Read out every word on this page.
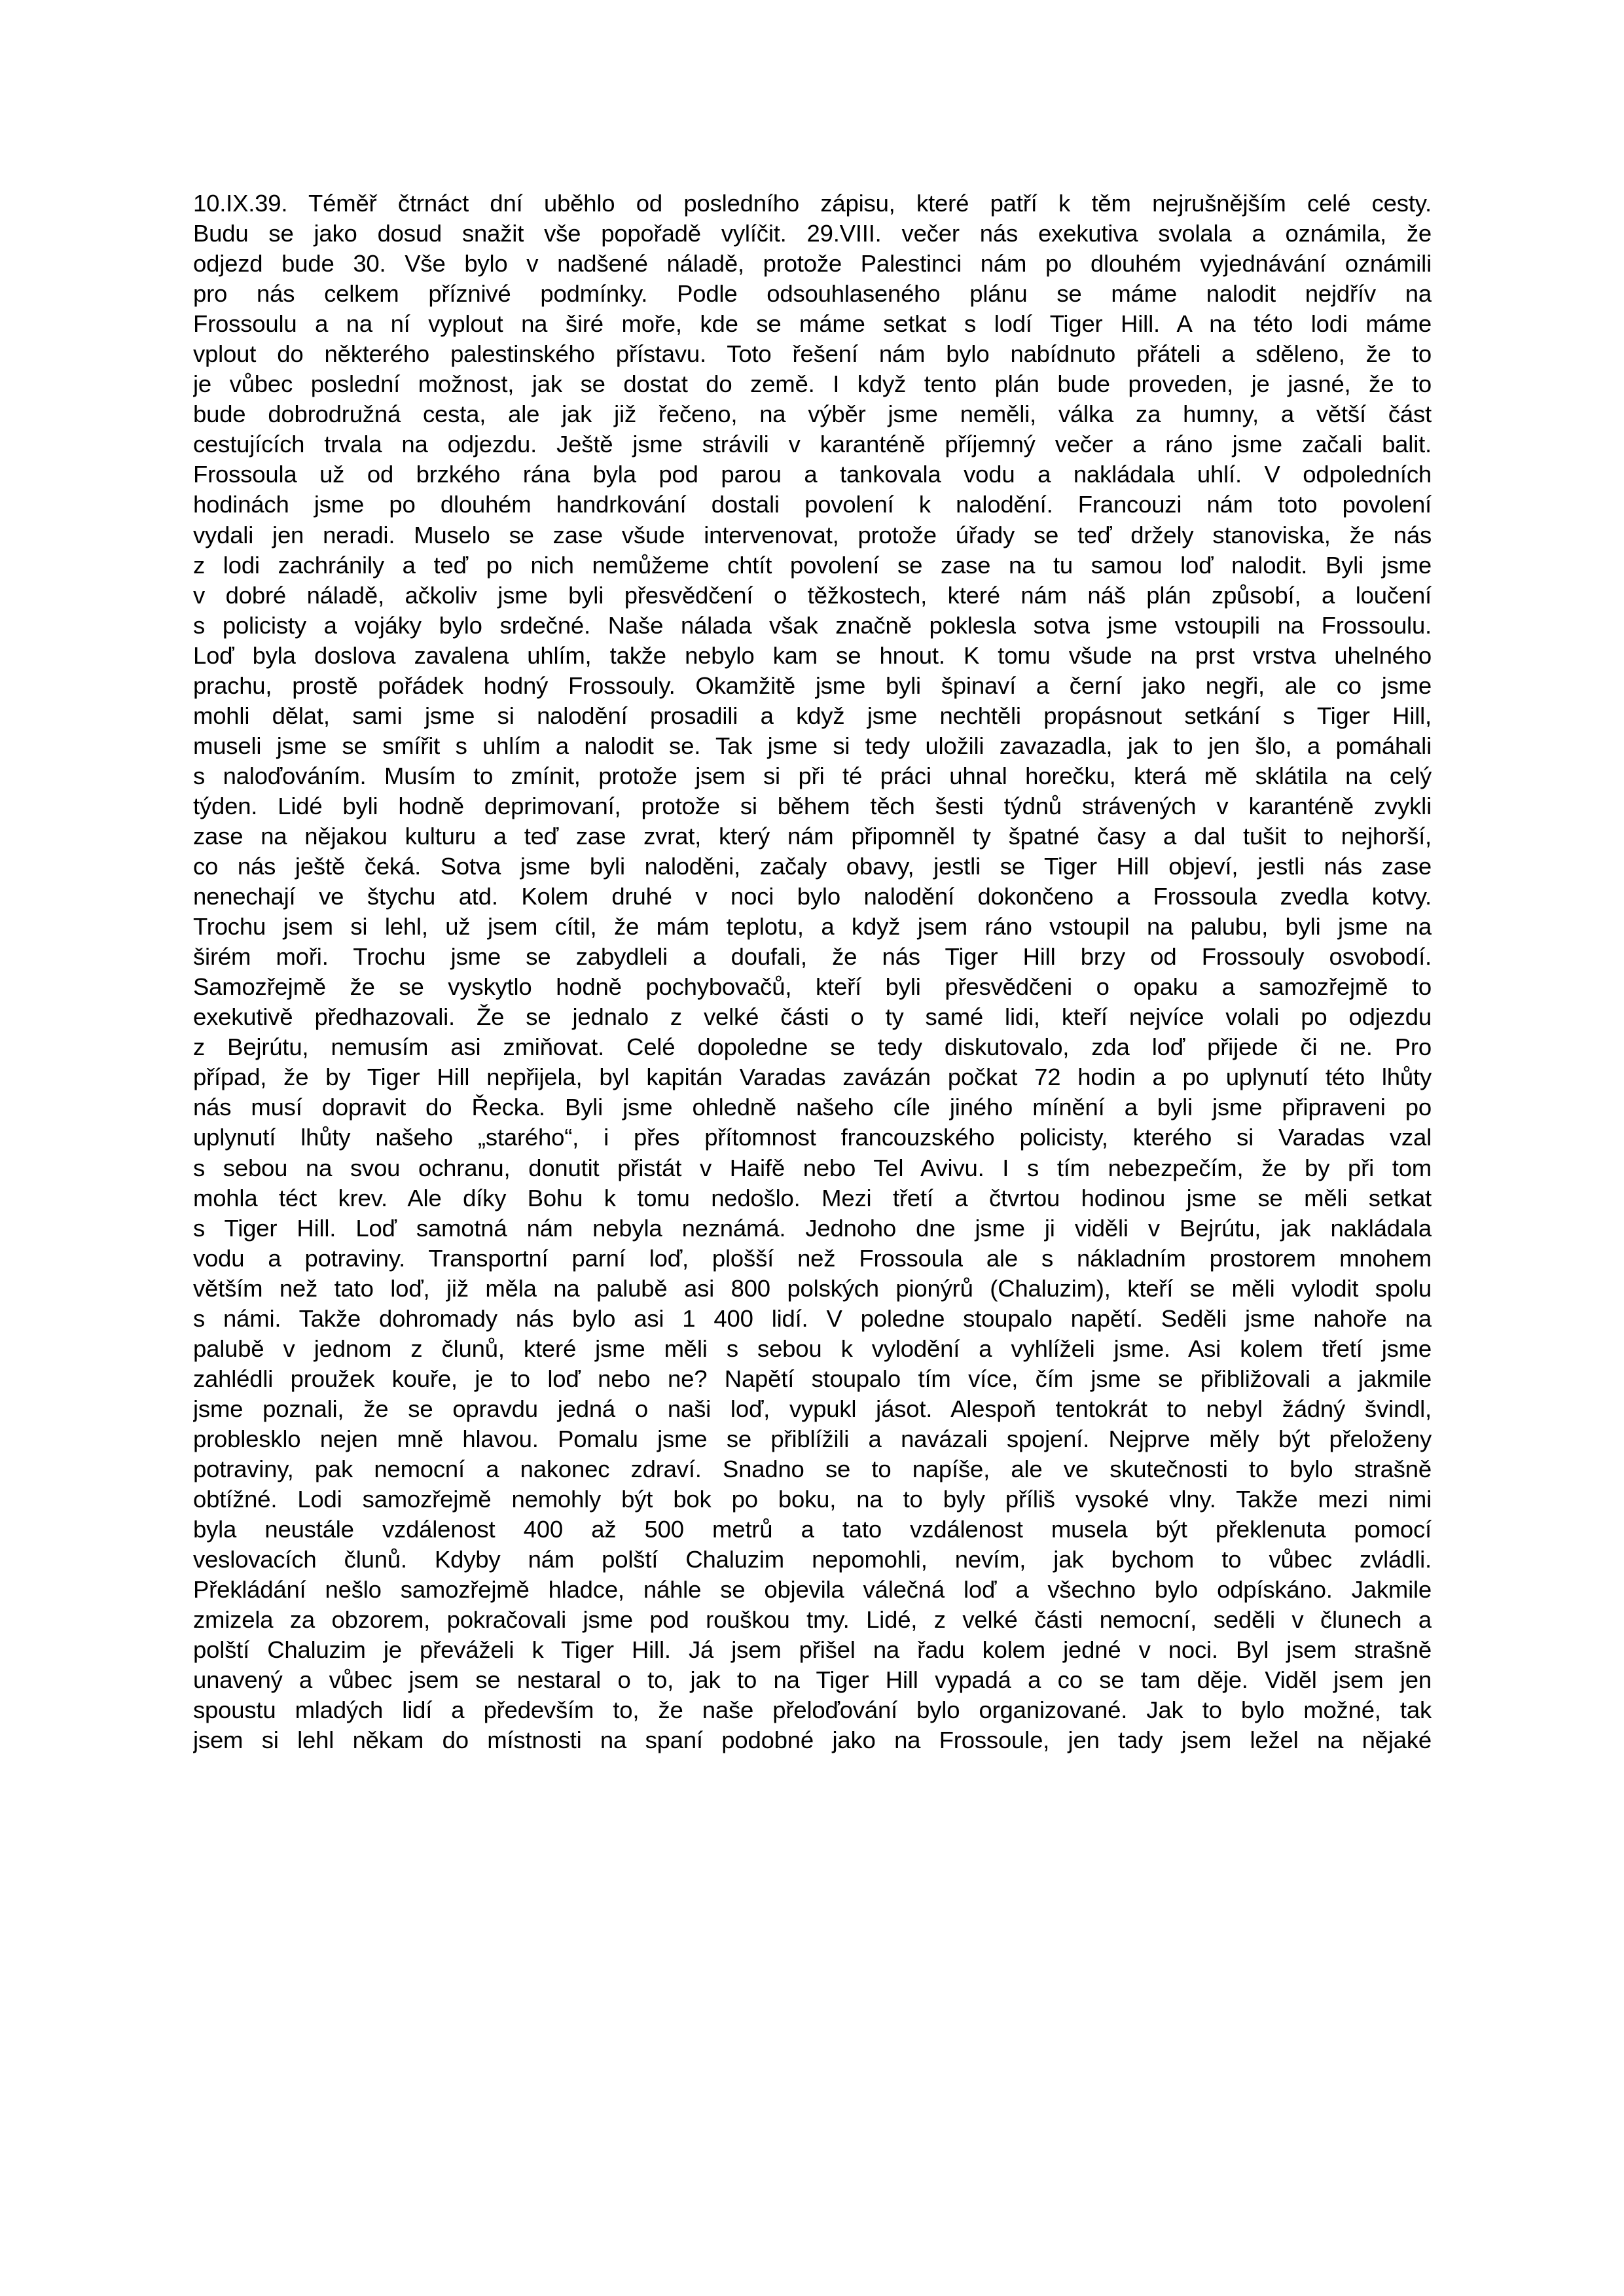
10.IX.39. Téměř čtrnáct dní uběhlo od posledního zápisu, které patří k těm nejrušnějším celé cesty.
Budu se jako dosud snažit vše popořadě vylíčit. 29.VIII. večer nás exekutiva svolala a oznámila, že
odjezd bude 30. Vše bylo v nadšené náladě, protože Palestinci nám po dlouhém vyjednávání oznámili
pro nás celkem příznivé podmínky. Podle odsouhlaseného plánu se máme nalodit nejdřív na
Frossoulu a na ní vyplout na širé moře, kde se máme setkat s lodí Tiger Hill. A na této lodi máme
vplout do některého palestinského přístavu. Toto řešení nám bylo nabídnuto přáteli a sděleno, že to
je vůbec poslední možnost, jak se dostat do země. I když tento plán bude proveden, je jasné, že to
bude dobrodružná cesta, ale jak již řečeno, na výběr jsme neměli, válka za humny, a větší část
cestujících trvala na odjezdu. Ještě jsme strávili v karanténě příjemný večer a ráno jsme začali balit.
Frossoula už od brzkého rána byla pod parou a tankovala vodu a nakládala uhlí. V odpoledních
hodinách jsme po dlouhém handrkování dostali povolení k nalodění. Francouzi nám toto povolení
vydali jen neradi. Muselo se zase všude intervenovat, protože úřady se teď držely stanoviska, že nás
z lodi zachránily a teď po nich nemůžeme chtít povolení se zase na tu samou loď nalodit. Byli jsme
v dobré náladě, ačkoliv jsme byli přesvědčení o těžkostech, které nám náš plán způsobí, a loučení
s policisty a vojáky bylo srdečné. Naše nálada však značně poklesla sotva jsme vstoupili na Frossoulu.
Loď byla doslova zavalena uhlím, takže nebylo kam se hnout. K tomu všude na prst vrstva uhelného
prachu, prostě pořádek hodný Frossouly. Okamžitě jsme byli špinaví a černí jako negři, ale co jsme
mohli dělat, sami jsme si nalodění prosadili a když jsme nechtěli propásnout setkání s Tiger Hill,
museli jsme se smířit s uhlím a nalodit se. Tak jsme si tedy uložili zavazadla, jak to jen šlo, a pomáhali
s naloďováním. Musím to zmínit, protože jsem si při té práci uhnal horečku, která mě sklátila na celý
týden. Lidé byli hodně deprimovaní, protože si během těch šesti týdnů strávených v karanténě zvykli
zase na nějakou kulturu a teď zase zvrat, který nám připomněl ty špatné časy a dal tušit to nejhorší,
co nás ještě čeká. Sotva jsme byli naloděni, začaly obavy, jestli se Tiger Hill objeví, jestli nás zase
nenechají ve štychu atd. Kolem druhé v noci bylo nalodění dokončeno a Frossoula zvedla kotvy.
Trochu jsem si lehl, už jsem cítil, že mám teplotu, a když jsem ráno vstoupil na palubu, byli jsme na
širém moři. Trochu jsme se zabydleli a doufali, že nás Tiger Hill brzy od Frossouly osvobodí.
Samozřejmě že se vyskytlo hodně pochybovačů, kteří byli přesvědčeni o opaku a samozřejmě to
exekutivě předhazovali. Že se jednalo z velké části o ty samé lidi, kteří nejvíce volali po odjezdu
z Bejrútu, nemusím asi zmiňovat. Celé dopoledne se tedy diskutovalo, zda loď přijede či ne. Pro
případ, že by Tiger Hill nepřijela, byl kapitán Varadas zavázán počkat 72 hodin a po uplynutí této lhůty
nás musí dopravit do Řecka. Byli jsme ohledně našeho cíle jiného mínění a byli jsme připraveni po
uplynutí lhůty našeho „starého“, i přes přítomnost francouzského policisty, kterého si Varadas vzal
s sebou na svou ochranu, donutit přistát v Haifě nebo Tel Avivu. I s tím nebezpečím, že by při tom
mohla téct krev. Ale díky Bohu k tomu nedošlo. Mezi třetí a čtvrtou hodinou jsme se měli setkat
s Tiger Hill. Loď samotná nám nebyla neznámá. Jednoho dne jsme ji viděli v Bejrútu, jak nakládala
vodu a potraviny. Transportní parní loď, plošší než Frossoula ale s nákladním prostorem mnohem
větším než tato loď, již měla na palubě asi 800 polských pionýrů (Chaluzim), kteří se měli vylodit spolu
s námi. Takže dohromady nás bylo asi 1 400 lidí. V poledne stoupalo napětí. Seděli jsme nahoře na
palubě v jednom z člunů, které jsme měli s sebou k vylodění a vyhlíželi jsme. Asi kolem třetí jsme
zahlédli proužek kouře, je to loď nebo ne? Napětí stoupalo tím více, čím jsme se přibližovali a jakmile
jsme poznali, že se opravdu jedná o naši loď, vypukl jásot. Alespoň tentokrát to nebyl žádný švindl,
problesklo nejen mně hlavou. Pomalu jsme se přiblížili a navázali spojení. Nejprve měly být přeloženy
potraviny, pak nemocní a nakonec zdraví. Snadno se to napíše, ale ve skutečnosti to bylo strašně
obtížné. Lodi samozřejmě nemohly být bok po boku, na to byly příliš vysoké vlny. Takže mezi nimi
byla neustále vzdálenost 400 až 500 metrů a tato vzdálenost musela být překlenuta pomocí
veslovacích člunů. Kdyby nám polští Chaluzim nepomohli, nevím, jak bychom to vůbec zvládli.
Překládání nešlo samozřejmě hladce, náhle se objevila válečná loď a všechno bylo odpískáno. Jakmile
zmizela za obzorem, pokračovali jsme pod rouškou tmy. Lidé, z velké části nemocní, seděli v člunech a
polští Chaluzim je převáželi k Tiger Hill. Já jsem přišel na řadu kolem jedné v noci. Byl jsem strašně
unavený a vůbec jsem se nestaral o to, jak to na Tiger Hill vypadá a co se tam děje. Viděl jsem jen
spoustu mladých lidí a především to, že naše přeloďování bylo organizované. Jak to bylo možné, tak
jsem si lehl někam do místnosti na spaní podobné jako na Frossoule, jen tady jsem ležel na nějaké
